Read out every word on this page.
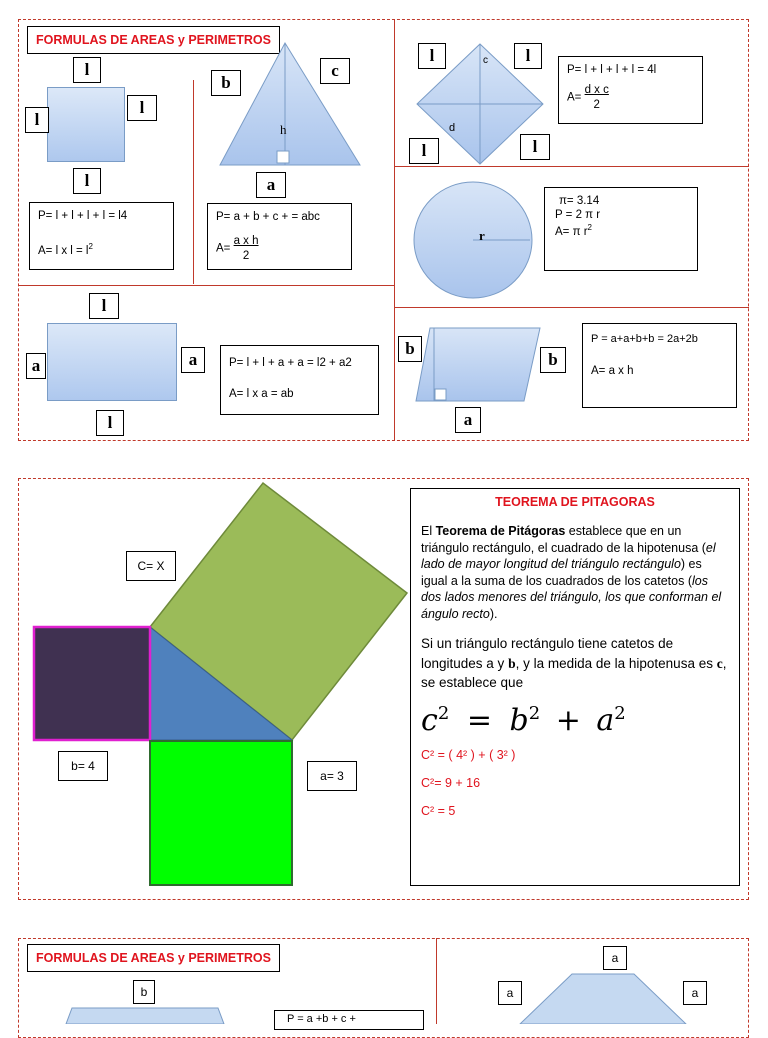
FORMULAS DE AREAS y PERIMETROS
l
l
l
l
P= l + l + l + l = l4
A= l x $l = l^2$
b
c
a
h
P= a + b + c + = abc
$A= \frac{\text{a x h}}{2}$
c
d
l	l
l	l
P= l + l + l + l = 4l
$A= \frac{\text{d x c}}{2}$
r
π= 3.14
P = 2 π r
A= π $r^2$
l
a	a
l
P= l + l + a + a = l2 + a2
A= l x a = ab
b
b
a
P = a+a+b+b = 2a+2b
A= a x h
C= X
b= 4
a= 3
TEOREMA DE PITAGORAS

El Teorema de Pitágoras establece que en un triángulo rectángulo, el cuadrado de la hipotenusa (el lado de mayor longitud del triángulo rectángulo) es igual a la suma de los cuadrados de los catetos (los dos lados menores del triángulo, los que conforman el ángulo recto).

Si un triángulo rectángulo tiene catetos de longitudes a y b, y la medida de la hipotenusa es c, se establece que

$c^2 = b^2 + a^2$
C² = ( 4² ) + ( 3² )
C²= 9 + 16
C² = 5
FORMULAS DE AREAS y PERIMETROS
b
P = a +b + c +
a
a	a
